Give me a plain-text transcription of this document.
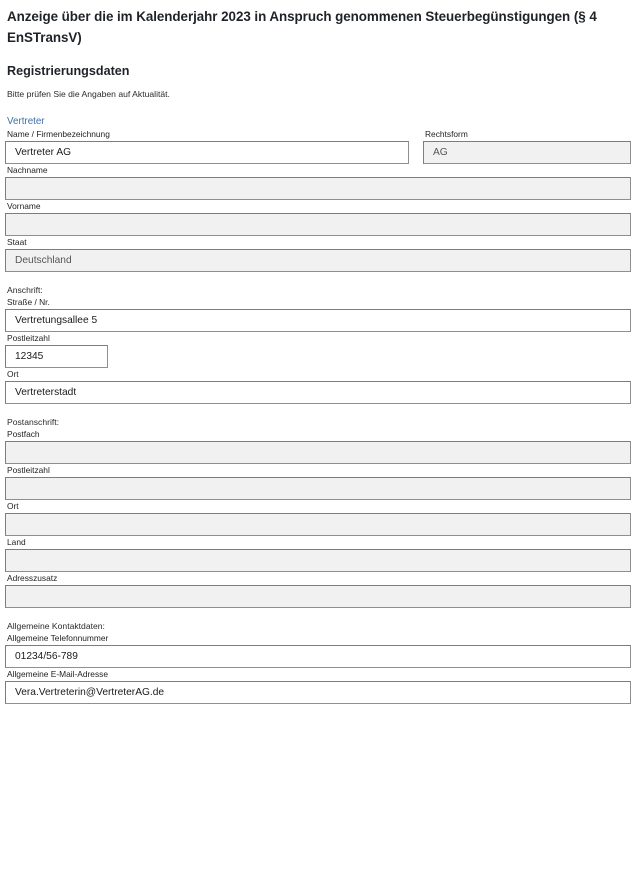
Anzeige über die im Kalenderjahr 2023 in Anspruch genommenen Steuerbegünstigungen (§ 4 EnSTransV)
Registrierungsdaten

Bitte prüfen Sie die Angaben auf Aktualität.

Vertreter
Name / Firmenbezeichnung
Vertreter AG
Rechtsform
AG
Nachname
Vorname
Staat
Deutschland
Anschrift:
Straße / Nr.
Vertretungsallee 5
Postleitzahl
12345
Ort
Vertreterstadt
Postanschrift:
Postfach
Postleitzahl
Ort
Land
Adresszusatz
Allgemeine Kontaktdaten:
Allgemeine Telefonnummer
01234/56-789
Allgemeine E-Mail-Adresse
Vera.Vertreterin@VertreterAG.de
